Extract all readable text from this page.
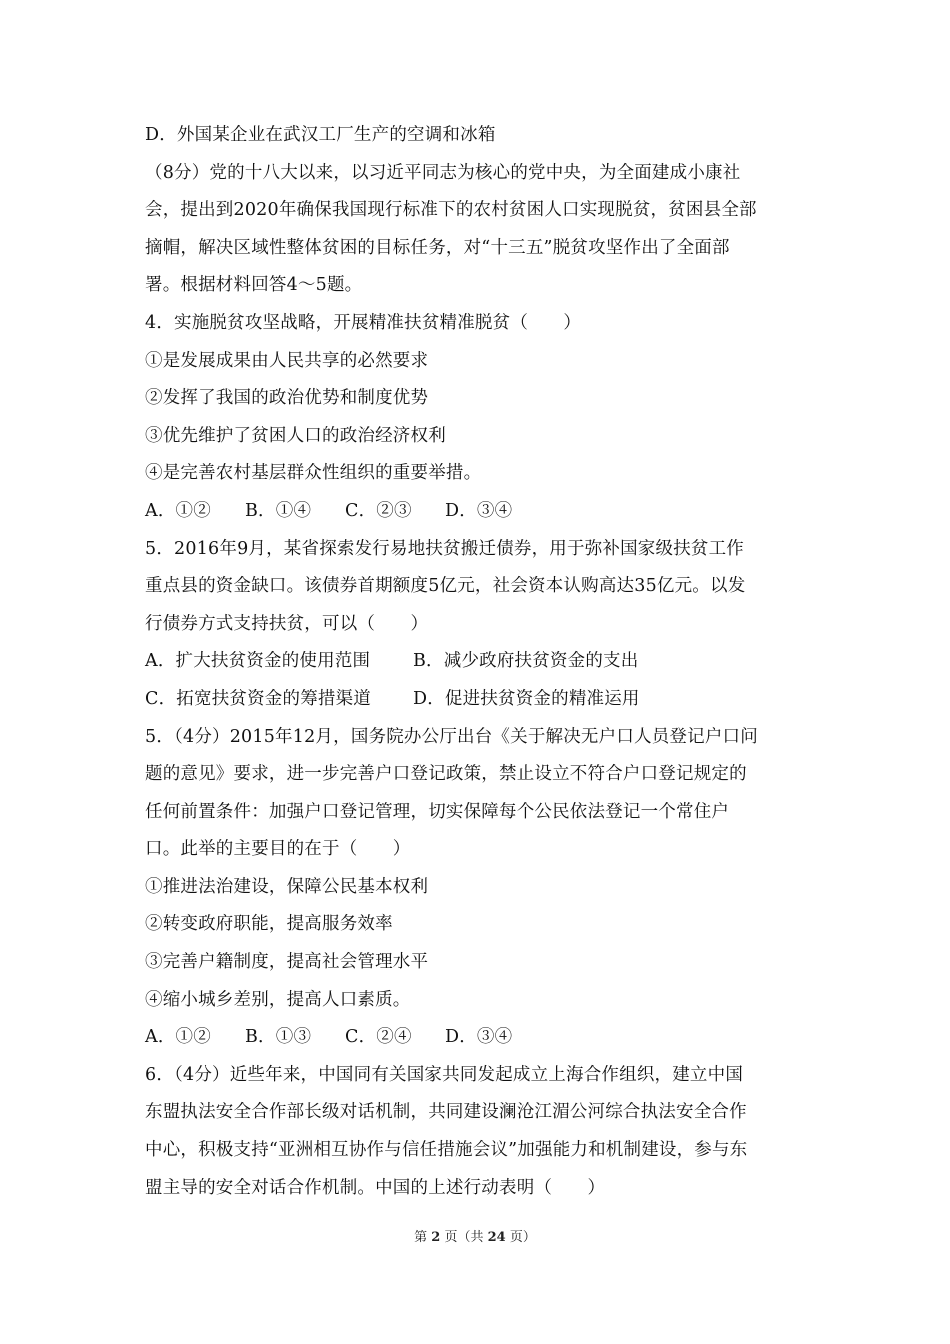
D．外国某企业在武汉工厂生产的空调和冰箱
（8分）党的十八大以来，以习近平同志为核心的党中央，为全面建成小康社
会，提出到2020年确保我国现行标准下的农村贫困人口实现脱贫，贫困县全部
摘帽，解决区域性整体贫困的目标任务，对“十三五”脱贫攻坚作出了全面部
署。根据材料回答4～5题。
4．实施脱贫攻坚战略，开展精准扶贫精准脱贫（　　）
①是发展成果由人民共享的必然要求
②发挥了我国的政治优势和制度优势
③优先维护了贫困人口的政治经济权利
④是完善农村基层群众性组织的重要举措。
A．①② B．①④ C．②③ D．③④
5．2016年9月，某省探索发行易地扶贫搬迁债券，用于弥补国家级扶贫工作
重点县的资金缺口。该债券首期额度5亿元，社会资本认购高达35亿元。以发
行债券方式支持扶贫，可以（　　）
A．扩大扶贫资金的使用范围 B．减少政府扶贫资金的支出
C．拓宽扶贫资金的筹措渠道 D．促进扶贫资金的精准运用
5．（4分）2015年12月，国务院办公厅出台《关于解决无户口人员登记户口问
题的意见》要求，进一步完善户口登记政策，禁止设立不符合户口登记规定的
任何前置条件：加强户口登记管理，切实保障每个公民依法登记一个常住户
口。此举的主要目的在于（　　）
①推进法治建设，保障公民基本权利
②转变政府职能，提高服务效率
③完善户籍制度，提高社会管理水平
④缩小城乡差别，提高人口素质。
A．①② B．①③ C．②④ D．③④
6．（4分）近些年来，中国同有关国家共同发起成立上海合作组织，建立中国
东盟执法安全合作部长级对话机制，共同建设澜沧江湄公河综合执法安全合作
中心，积极支持“亚洲相互协作与信任措施会议”加强能力和机制建设，参与东
盟主导的安全对话合作机制。中国的上述行动表明（　　）
第 2 页（共 24 页）
